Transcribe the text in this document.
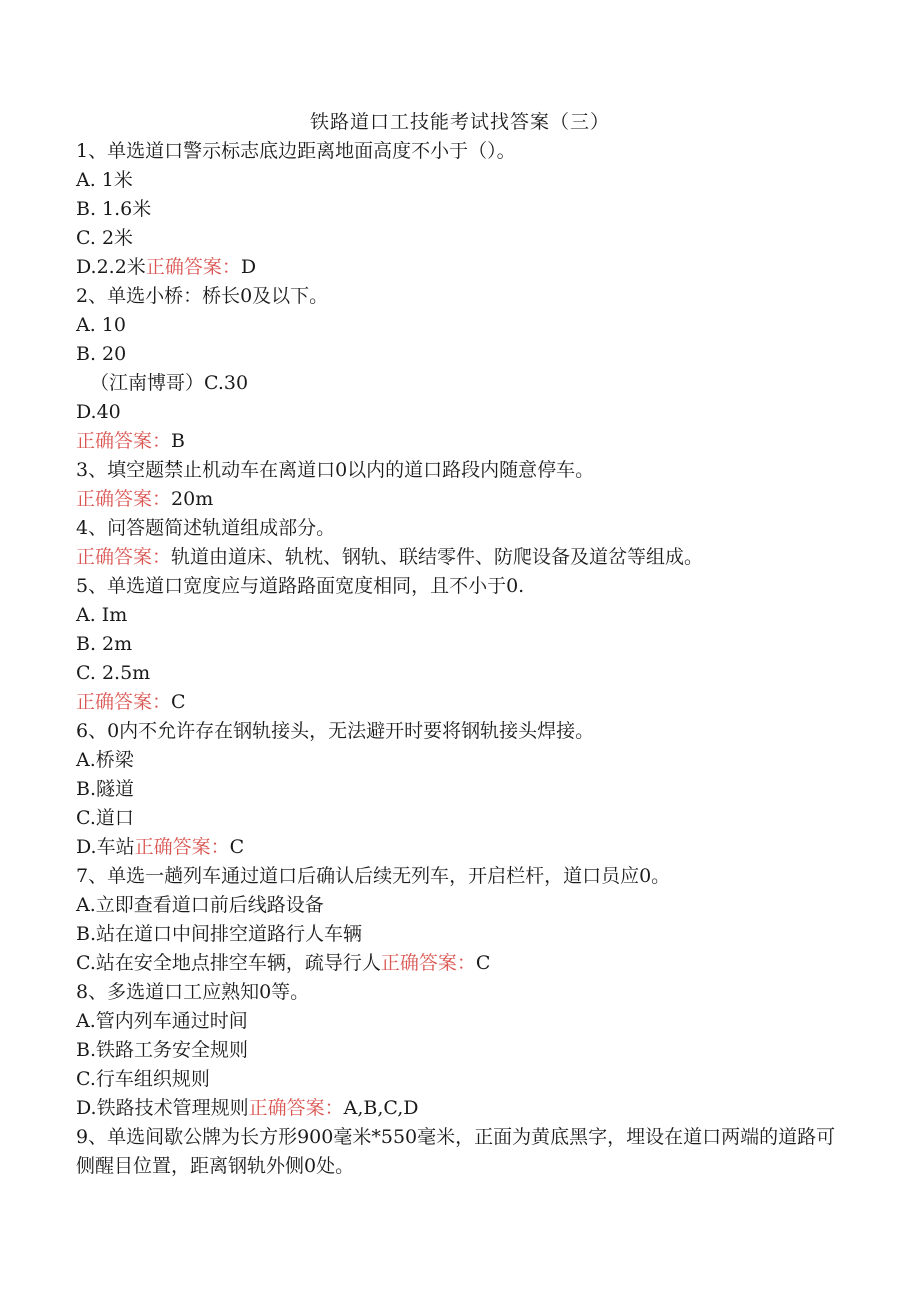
铁路道口工技能考试找答案（三）
1、单选道口警示标志底边距离地面高度不小于（）。
A. 1米
B. 1.6米
C. 2米
D.2.2米正确答案：D
2、单选小桥：桥长0及以下。
A. 10
B. 20
（江南博哥）C.30
D.40
正确答案：B
3、填空题禁止机动车在离道口0以内的道口路段内随意停车。
正确答案：20m
4、问答题简述轨道组成部分。
正确答案：轨道由道床、轨枕、钢轨、联结零件、防爬设备及道岔等组成。
5、单选道口宽度应与道路路面宽度相同，且不小于0.
A. Im
B. 2m
C. 2.5m
正确答案：C
6、0内不允许存在钢轨接头，无法避开时要将钢轨接头焊接。
A.桥梁
B.隧道
C.道口
D.车站正确答案：C
7、单选一趟列车通过道口后确认后续无列车，开启栏杆，道口员应0。
A.立即查看道口前后线路设备
B.站在道口中间排空道路行人车辆
C.站在安全地点排空车辆，疏导行人正确答案：C
8、多选道口工应熟知0等。
A.管内列车通过时间
B.铁路工务安全规则
C.行车组织规则
D.铁路技术管理规则正确答案：A,B,C,D
9、单选间歇公牌为长方形900毫米*550毫米，正面为黄底黑字，埋设在道口两端的道路可侧醒目位置，距离钢轨外侧0处。
